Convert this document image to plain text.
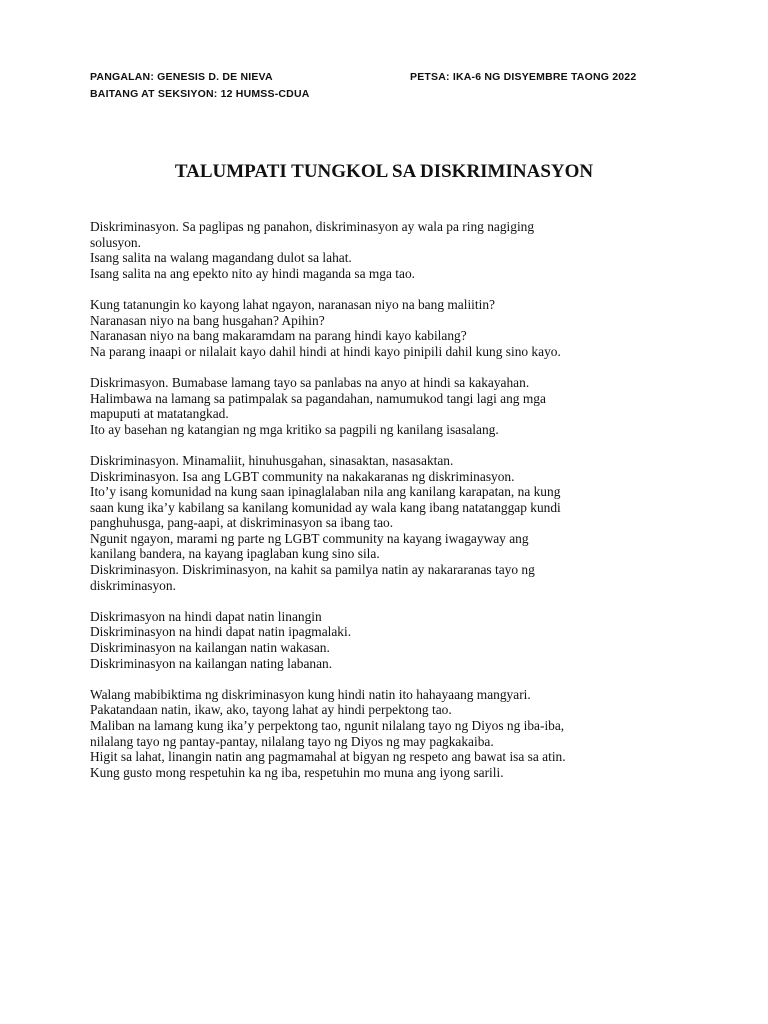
PANGALAN: GENESIS D. DE NIEVA	PETSA: IKA-6 NG DISYEMBRE TAONG 2022
BAITANG AT SEKSIYON: 12 HUMSS-CDUA
TALUMPATI TUNGKOL SA DISKRIMINASYON

Diskriminasyon. Sa paglipas ng panahon, diskriminasyon ay wala pa ring nagiging
solusyon.
Isang salita na walang magandang dulot sa lahat.
Isang salita na ang epekto nito ay hindi maganda sa mga tao.

Kung tatanungin ko kayong lahat ngayon, naranasan niyo na bang maliitin?
Naranasan niyo na bang husgahan? Apihin?
Naranasan niyo na bang makaramdam na parang hindi kayo kabilang?
Na parang inaapi or nilalait kayo dahil hindi at hindi kayo pinipili dahil kung sino kayo.

Diskrimasyon. Bumabase lamang tayo sa panlabas na anyo at hindi sa kakayahan.
Halimbawa na lamang sa patimpalak sa pagandahan, namumukod tangi lagi ang mga
mapuputi at matatangkad.
Ito ay basehan ng katangian ng mga kritiko sa pagpili ng kanilang isasalang.

Diskriminasyon. Minamaliit, hinuhusgahan, sinasaktan, nasasaktan.
Diskriminasyon. Isa ang LGBT community na nakakaranas ng diskriminasyon.
Ito’y isang komunidad na kung saan ipinaglalaban nila ang kanilang karapatan, na kung
saan kung ika’y kabilang sa kanilang komunidad ay wala kang ibang natatanggap kundi
panghuhusga, pang-aapi, at diskriminasyon sa ibang tao.
Ngunit ngayon, marami ng parte ng LGBT community na kayang iwagayway ang
kanilang bandera, na kayang ipaglaban kung sino sila.
Diskriminasyon. Diskriminasyon, na kahit sa pamilya natin ay nakararanas tayo ng
diskriminasyon.

Diskrimasyon na hindi dapat natin linangin
Diskriminasyon na hindi dapat natin ipagmalaki.
Diskriminasyon na kailangan natin wakasan.
Diskriminasyon na kailangan nating labanan.

Walang mabibiktima ng diskriminasyon kung hindi natin ito hahayaang mangyari.
Pakatandaan natin, ikaw, ako, tayong lahat ay hindi perpektong tao.
Maliban na lamang kung ika’y perpektong tao, ngunit nilalang tayo ng Diyos ng iba-iba,
nilalang tayo ng pantay-pantay, nilalang tayo ng Diyos ng may pagkakaiba.
Higit sa lahat, linangin natin ang pagmamahal at bigyan ng respeto ang bawat isa sa atin.
Kung gusto mong respetuhin ka ng iba, respetuhin mo muna ang iyong sarili.
